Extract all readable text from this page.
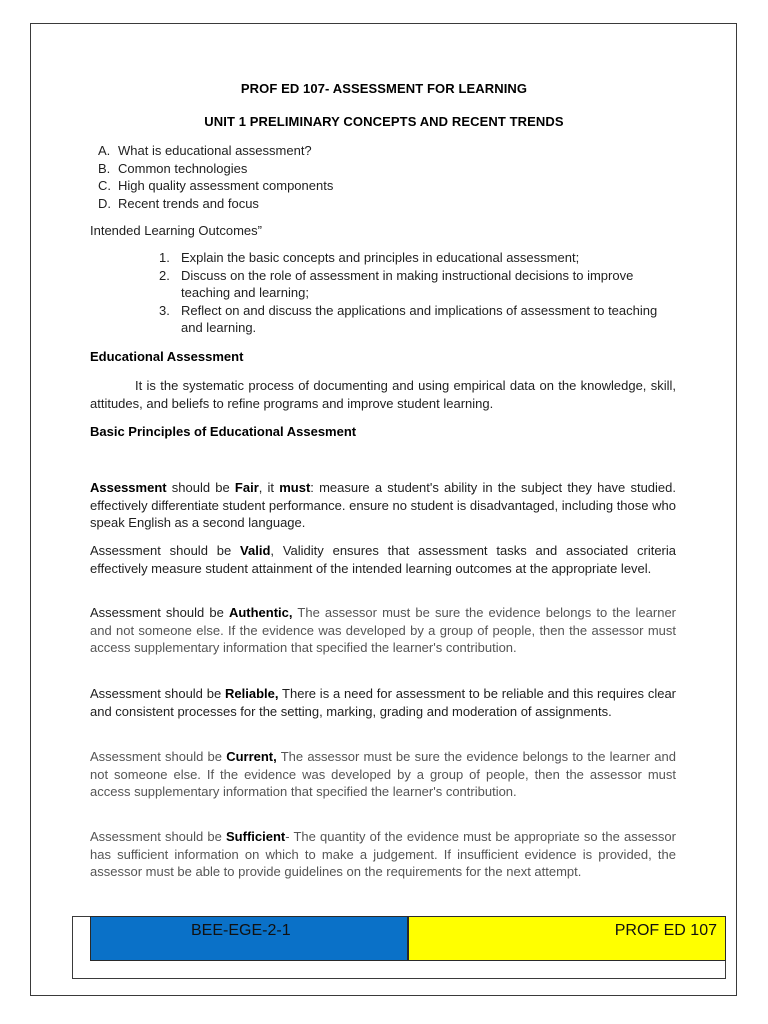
PROF ED 107- ASSESSMENT FOR LEARNING
UNIT 1 PRELIMINARY CONCEPTS AND RECENT TRENDS
A. What is educational assessment?
B. Common technologies
C. High quality assessment components
D. Recent trends and focus
Intended Learning Outcomes”
1. Explain the basic concepts and principles in educational assessment;
2. Discuss on the role of assessment in making instructional decisions to improve teaching and learning;
3. Reflect on and discuss the applications and implications of assessment to teaching and learning.
Educational Assessment

It is the systematic process of documenting and using empirical data on the knowledge, skill, attitudes, and beliefs to refine programs and improve student learning.

Basic Principles of Educational Assesment

Assessment should be Fair, it must: measure a student's ability in the subject they have studied. effectively differentiate student performance. ensure no student is disadvantaged, including those who speak English as a second language.

Assessment should be Valid, Validity ensures that assessment tasks and associated criteria effectively measure student attainment of the intended learning outcomes at the appropriate level.

Assessment should be Authentic, The assessor must be sure the evidence belongs to the learner and not someone else. If the evidence was developed by a group of people, then the assessor must access supplementary information that specified the learner's contribution.

Assessment should be Reliable, There is a need for assessment to be reliable and this requires clear and consistent processes for the setting, marking, grading and moderation of assignments.

Assessment should be Current, The assessor must be sure the evidence belongs to the learner and not someone else. If the evidence was developed by a group of people, then the assessor must access supplementary information that specified the learner's contribution.

Assessment should be Sufficient- The quantity of the evidence must be appropriate so the assessor has sufficient information on which to make a judgement. If insufficient evidence is provided, the assessor must be able to provide guidelines on the requirements for the next attempt.

BEE-EGE-2-1	PROF ED 107
